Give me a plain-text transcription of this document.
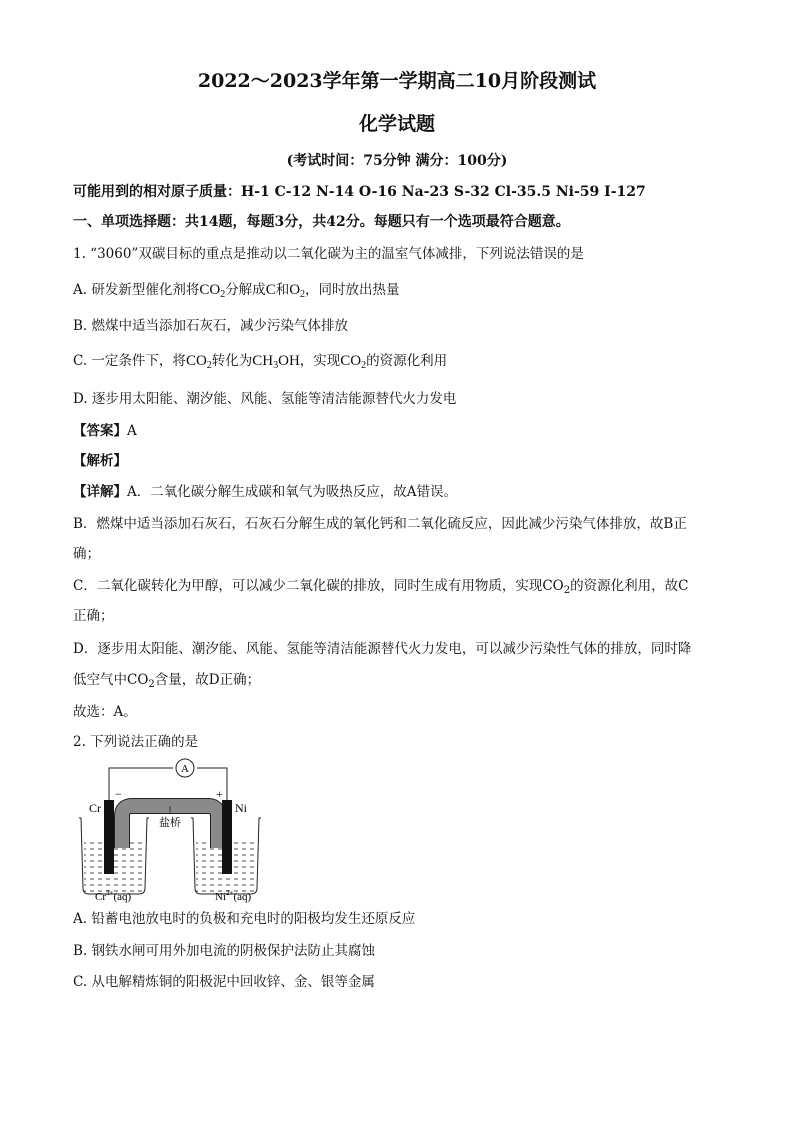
2022～2023学年第一学期高二10月阶段测试
化学试题
(考试时间：75分钟 满分：100分)
可能用到的相对原子质量：H-1 C-12 N-14 O-16 Na-23 S-32 Cl-35.5 Ni-59 I-127
一、单项选择题：共14题，每题3分，共42分。每题只有一个选项最符合题意。
1. “3060”双碳目标的重点是推动以二氧化碳为主的温室气体减排，下列说法错误的是
A. 研发新型催化剂将$CO_2$分解成C和$O_2$，同时放出热量
B. 燃煤中适当添加石灰石，减少污染气体排放
C. 一定条件下，将$CO_2$转化为$CH_3OH$，实现$CO_2$的资源化利用
D. 逐步用太阳能、潮汐能、风能、氢能等清洁能源替代火力发电
【答案】A
【解析】
【详解】A．二氧化碳分解生成碳和氧气为吸热反应，故A错误。
B．燃煤中适当添加石灰石，石灰石分解生成的氧化钙和二氧化硫反应，因此减少污染气体排放，故B正
确；
C．二氧化碳转化为甲醇，可以减少二氧化碳的排放，同时生成有用物质，实现$CO_2$的资源化利用，故C
正确；
D．逐步用太阳能、潮汐能、风能、氢能等清洁能源替代火力发电，可以减少污染性气体的排放，同时降
低空气中$CO_2$含量，故D正确；
故选：A。
2. 下列说法正确的是
A
盐桥
Cr	Ni
−	+
$Cr^{3+}(aq)$	$Ni^{2+}(aq)$
A. 铅蓄电池放电时的负极和充电时的阳极均发生还原反应
B. 钢铁水闸可用外加电流的阴极保护法防止其腐蚀
C. 从电解精炼铜的阳极泥中回收锌、金、银等金属
